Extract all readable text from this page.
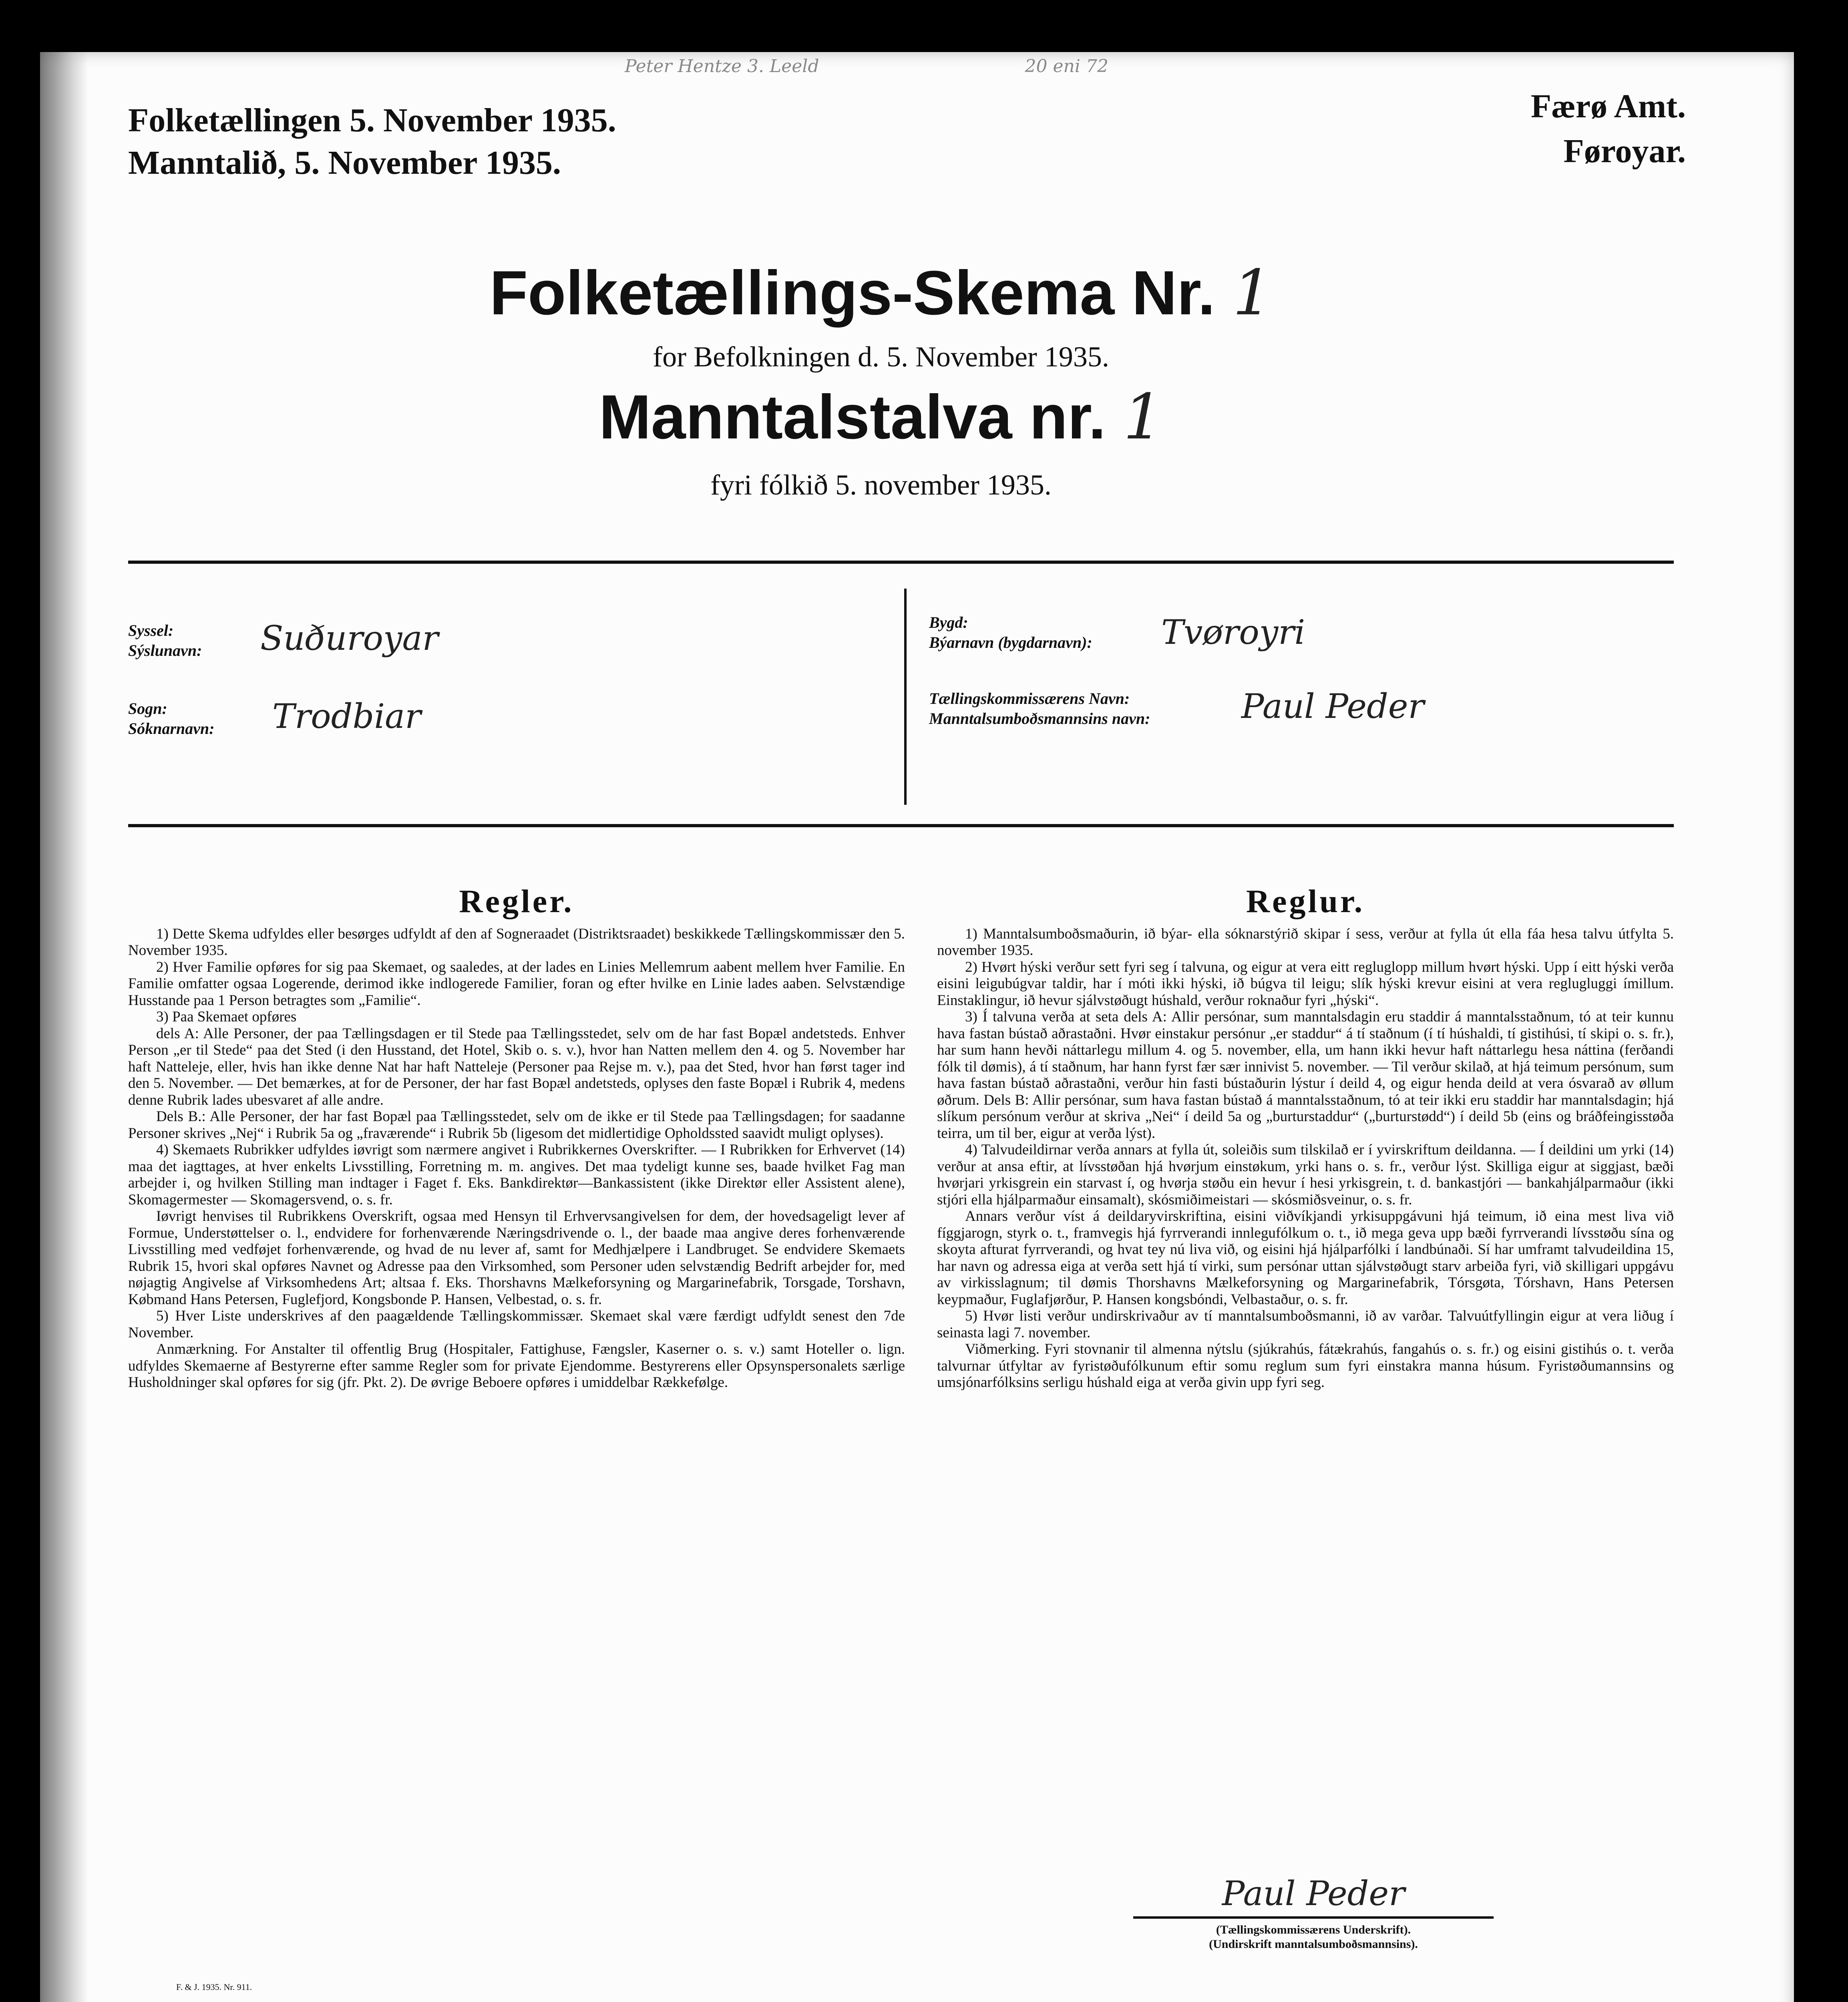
Peter Hentze 3. Leeld	20 eni 72
Folketællingen 5. November 1935.
Manntalið, 5. November 1935.
Færø Amt.
Føroyar.
Folketællings-Skema Nr. 1
for Befolkningen d. 5. November 1935.
Manntalstalva nr. 1
fyri fólkið 5. november 1935.
Syssel:
Sýslunavn: Suðuroyar
Sogn:
Sóknarnavn: Trodbiar
Bygd:
Býarnavn (bygdarnavn): Tvøroyri
Tællingskommissærens Navn:
Manntalsumboðsmannsins navn:	Paul Peder
Regler.

1) Dette Skema udfyldes eller besørges udfyldt af den af Sogneraadet (Distriktsraadet) beskikkede Tællingskommissær den 5. November 1935.

2) Hver Familie opføres for sig paa Skemaet, og saaledes, at der lades en Linies Mellemrum aabent mellem hver Familie. En Familie omfatter ogsaa Logerende, derimod ikke indlogerede Familier, foran og efter hvilke en Linie lades aaben. Selvstændige Husstande paa 1 Person betragtes som „Familie“.

3) Paa Skemaet opføres

dels A: Alle Personer, der paa Tællingsdagen er til Stede paa Tællingsstedet, selv om de har fast Bopæl andetsteds. Enhver Person „er til Stede“ paa det Sted (i den Husstand, det Hotel, Skib o. s. v.), hvor han Natten mellem den 4. og 5. November har haft Natteleje, eller, hvis han ikke denne Nat har haft Natteleje (Personer paa Rejse m. v.), paa det Sted, hvor han først tager ind den 5. November. — Det bemærkes, at for de Personer, der har fast Bopæl andetsteds, oplyses den faste Bopæl i Rubrik 4, medens denne Rubrik lades ubesvaret af alle andre.

Dels B.: Alle Personer, der har fast Bopæl paa Tællingsstedet, selv om de ikke er til Stede paa Tællingsdagen; for saadanne Personer skrives „Nej“ i Rubrik 5a og „fraværende“ i Rubrik 5b (ligesom det midlertidige Opholdssted saavidt muligt oplyses).

4) Skemaets Rubrikker udfyldes iøvrigt som nærmere angivet i Rubrikkernes Overskrifter. — I Rubrikken for Erhvervet (14) maa det iagttages, at hver enkelts Livsstilling, Forretning m. m. angives. Det maa tydeligt kunne ses, baade hvilket Fag man arbejder i, og hvilken Stilling man indtager i Faget f. Eks. Bankdirektør—Bankassistent (ikke Direktør eller Assistent alene), Skomagermester — Skomagersvend, o. s. fr.

Iøvrigt henvises til Rubrikkens Overskrift, ogsaa med Hensyn til Erhvervsangivelsen for dem, der hovedsageligt lever af Formue, Understøttelser o. l., endvidere for forhenværende Næringsdrivende o. l., der baade maa angive deres forhenværende Livsstilling med vedføjet forhenværende, og hvad de nu lever af, samt for Medhjælpere i Landbruget. Se endvidere Skemaets Rubrik 15, hvori skal opføres Navnet og Adresse paa den Virksomhed, som Personer uden selvstændig Bedrift arbejder for, med nøjagtig Angivelse af Virksomhedens Art; altsaa f. Eks. Thorshavns Mælkeforsyning og Margarinefabrik, Torsgade, Torshavn, Købmand Hans Petersen, Fuglefjord, Kongsbonde P. Hansen, Velbestad, o. s. fr.

5) Hver Liste underskrives af den paagældende Tællingskommissær. Skemaet skal være færdigt udfyldt senest den 7de November.

Anmærkning. For Anstalter til offentlig Brug (Hospitaler, Fattighuse, Fængsler, Kaserner o. s. v.) samt Hoteller o. lign. udfyldes Skemaerne af Bestyrerne efter samme Regler som for private Ejendomme. Bestyrerens eller Opsynspersonalets særlige Husholdninger skal opføres for sig (jfr. Pkt. 2). De øvrige Beboere opføres i umiddelbar Rækkefølge.

Reglur.

1) Manntalsumboðsmaðurin, ið býar- ella sóknarstýrið skipar í sess, verður at fylla út ella fáa hesa talvu útfylta 5. november 1935.

2) Hvørt hýski verður sett fyri seg í talvuna, og eigur at vera eitt regluglopp millum hvørt hýski. Upp í eitt hýski verða eisini leigubúgvar taldir, har í móti ikki hýski, ið búgva til leigu; slík hýski krevur eisini at vera reglugluggi ímillum. Einstaklingur, ið hevur sjálvstøðugt húshald, verður roknaður fyri „hýski“.

3) Í talvuna verða at seta dels A: Allir persónar, sum manntalsdagin eru staddir á manntalsstaðnum, tó at teir kunnu hava fastan bústað aðrastaðni. Hvør einstakur persónur „er staddur“ á tí staðnum (í tí húshaldi, tí gistihúsi, tí skipi o. s. fr.), har sum hann hevði náttarlegu millum 4. og 5. november, ella, um hann ikki hevur haft náttarlegu hesa náttina (ferðandi fólk til dømis), á tí staðnum, har hann fyrst fær sær innivist 5. november. — Til verður skilað, at hjá teimum persónum, sum hava fastan bústað aðrastaðni, verður hin fasti bústaðurin lýstur í deild 4, og eigur henda deild at vera ósvarað av øllum øðrum. Dels B: Allir persónar, sum hava fastan bústað á manntalsstaðnum, tó at teir ikki eru staddir har manntalsdagin; hjá slíkum persónum verður at skriva „Nei“ í deild 5a og „burturstaddur“ („burturstødd“) í deild 5b (eins og bráðfeingisstøða teirra, um til ber, eigur at verða lýst).

4) Talvudeildirnar verða annars at fylla út, soleiðis sum tilskilað er í yvirskriftum deildanna. — Í deildini um yrki (14) verður at ansa eftir, at lívsstøðan hjá hvørjum einstøkum, yrki hans o. s. fr., verður lýst. Skilliga eigur at siggjast, bæði hvørjari yrkisgrein ein starvast í, og hvørja støðu ein hevur í hesi yrkisgrein, t. d. bankastjóri — bankahjálparmaður (ikki stjóri ella hjálparmaður einsamalt), skósmiðimeistari — skósmiðsveinur, o. s. fr.

Annars verður víst á deildaryvirskriftina, eisini viðvíkjandi yrkisuppgávuni hjá teimum, ið eina mest liva við fíggjarogn, styrk o. t., framvegis hjá fyrrverandi innlegufólkum o. t., ið mega geva upp bæði fyrrverandi lívsstøðu sína og skoyta afturat fyrrverandi, og hvat tey nú liva við, og eisini hjá hjálparfólki í landbúnaði. Sí har umframt talvudeildina 15, har navn og adressa eiga at verða sett hjá tí virki, sum persónar uttan sjálvstøðugt starv arbeiða fyri, við skilligari uppgávu av virkisslagnum; til dømis Thorshavns Mælkeforsyning og Margarinefabrik, Tórsgøta, Tórshavn, Hans Petersen keypmaður, Fuglafjørður, P. Hansen kongsbóndi, Velbastaður, o. s. fr.

5) Hvør listi verður undirskrivaður av tí manntalsumboðsmanni, ið av varðar. Talvuútfyllingin eigur at vera liðug í seinasta lagi 7. november.

Viðmerking. Fyri stovnanir til almenna nýtslu (sjúkrahús, fátækrahús, fangahús o. s. fr.) og eisini gistihús o. t. verða talvurnar útfyltar av fyristøðufólkunum eftir somu reglum sum fyri einstakra manna húsum. Fyristøðumannsins og umsjónarfólksins serligu húshald eiga at verða givin upp fyri seg.

Paul Peder
(Tællingskommissærens Underskrift).
(Undirskrift manntalsumboðsmannsins).
F. & J. 1935. Nr. 911.
